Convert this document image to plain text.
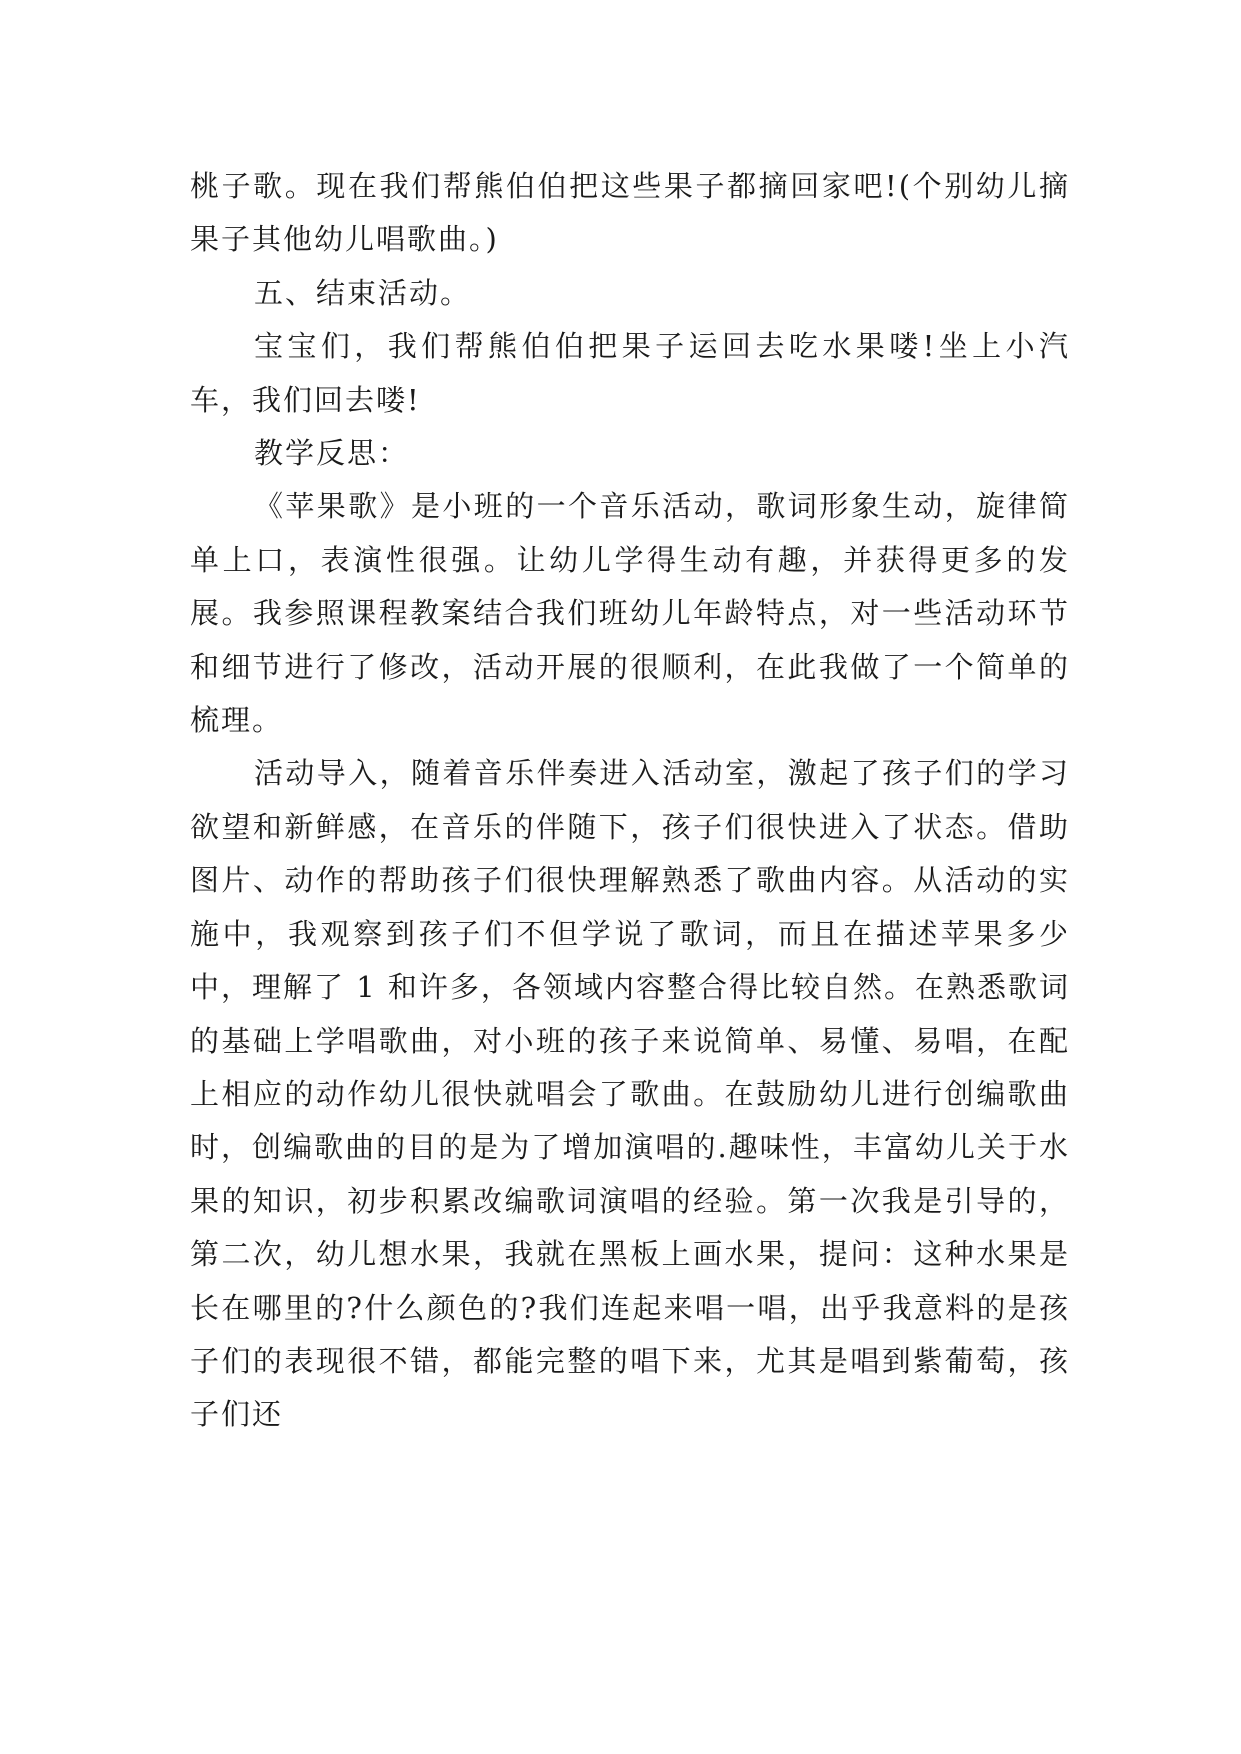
桃子歌。现在我们帮熊伯伯把这些果子都摘回家吧!(个别幼儿摘果子其他幼儿唱歌曲。)

五、结束活动。

宝宝们，我们帮熊伯伯把果子运回去吃水果喽!坐上小汽车，我们回去喽!

教学反思：

《苹果歌》是小班的一个音乐活动，歌词形象生动，旋律简单上口，表演性很强。让幼儿学得生动有趣，并获得更多的发展。我参照课程教案结合我们班幼儿年龄特点，对一些活动环节和细节进行了修改，活动开展的很顺利，在此我做了一个简单的梳理。

活动导入，随着音乐伴奏进入活动室，激起了孩子们的学习欲望和新鲜感，在音乐的伴随下，孩子们很快进入了状态。借助图片、动作的帮助孩子们很快理解熟悉了歌曲内容。从活动的实施中，我观察到孩子们不但学说了歌词，而且在描述苹果多少中，理解了 1 和许多，各领域内容整合得比较自然。在熟悉歌词的基础上学唱歌曲，对小班的孩子来说简单、易懂、易唱，在配上相应的动作幼儿很快就唱会了歌曲。在鼓励幼儿进行创编歌曲时，创编歌曲的目的是为了增加演唱的.趣味性，丰富幼儿关于水果的知识，初步积累改编歌词演唱的经验。第一次我是引导的，第二次，幼儿想水果，我就在黑板上画水果，提问：这种水果是长在哪里的?什么颜色的?我们连起来唱一唱，出乎我意料的是孩子们的表现很不错，都能完整的唱下来，尤其是唱到紫葡萄，孩子们还
